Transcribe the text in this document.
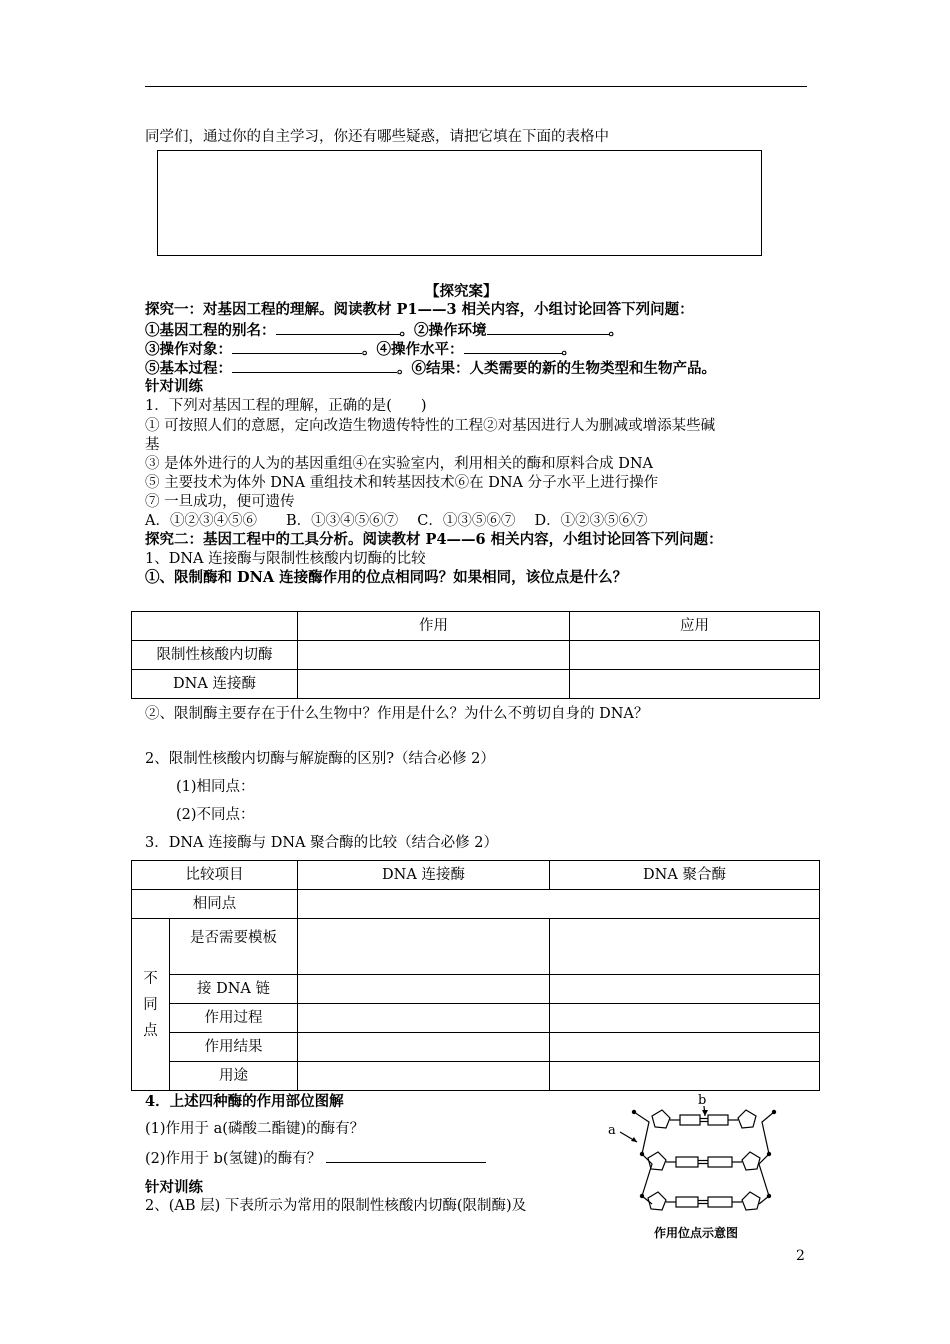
同学们，通过你的自主学习，你还有哪些疑惑，请把它填在下面的表格中
【探究案】
探究一：对基因工程的理解。阅读教材 P1——3 相关内容，小组讨论回答下列问题：
①基因工程的别名：	。②操作环境	。
③操作对象：	。④操作水平：	。
⑤基本过程：	。⑥结果：人类需要的新的生物类型和生物产品。
针对训练
1．下列对基因工程的理解，正确的是(　　)
① 可按照人们的意愿，定向改造生物遗传特性的工程②对基因进行人为删减或增添某些碱
基
③ 是体外进行的人为的基因重组④在实验室内，利用相关的酶和原料合成 DNA
⑤ 主要技术为体外 DNA 重组技术和转基因技术⑥在 DNA 分子水平上进行操作
⑦ 一旦成功，便可遗传
A．①②③④⑤⑥　　B．①③④⑤⑥⑦　 C．①③⑤⑥⑦　 D．①②③⑤⑥⑦
探究二：基因工程中的工具分析。阅读教材 P4——6 相关内容，小组讨论回答下列问题：
1、DNA 连接酶与限制性核酸内切酶的比较
①、限制酶和 DNA 连接酶作用的位点相同吗？如果相同，该位点是什么？
	作用	应用
限制性核酸内切酶		
DNA 连接酶		
②、限制酶主要存在于什么生物中？作用是什么？为什么不剪切自身的 DNA？
2、限制性核酸内切酶与解旋酶的区别?（结合必修 2）
(1)相同点：
(2)不同点：
3．DNA 连接酶与 DNA 聚合酶的比较（结合必修 2）
比较项目		DNA 连接酶	DNA 聚合酶
相同点			
不
同
点	是否需要模板		
	接 DNA 链		
	作用过程		
	作用结果		
	用途		
4．上述四种酶的作用部位图解
(1)作用于 a(磷酸二酯键)的酶有？
(2)作用于 b(氢键)的酶有？
针对训练
2、(AB 层) 下表所示为常用的限制性核酸内切酶(限制酶)及
a
b
作用位点示意图
2
